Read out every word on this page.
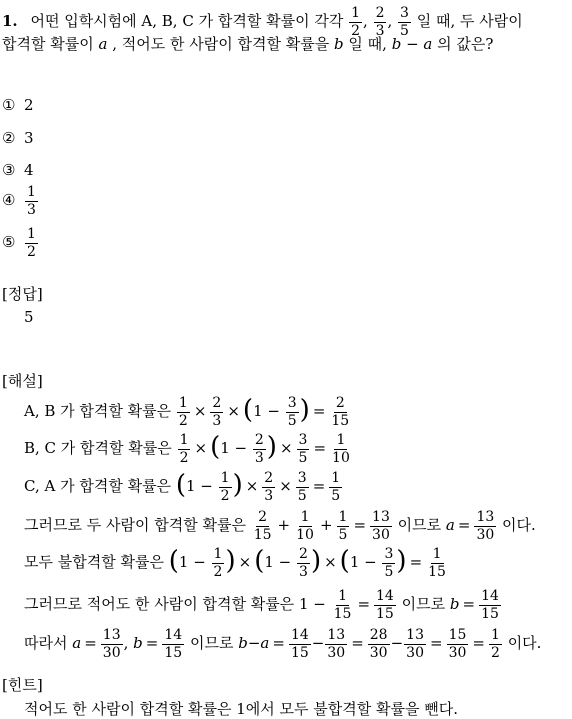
1. 어떤 입학시험에 A, B, C 가 합격할 확률이 각각 $\frac{1}{2}$ , $\frac{2}{3}$ , $\frac{3}{5}$ 일 때, 두 사람이
합격할 확률이 a , 적어도 한 사람이 합격할 확률을 b 일 때, b − a 의 값은?
① 2
② 3
③ 4
④ $\frac{1}{3}$
⑤ $\frac{1}{2}$
[정답]
5
[해설]
A, B 가 합격할 확률은 $\frac{1}{2} \times \frac{2}{3} \times (1 - \frac{3}{5}$ ) = $\frac{2}{15}$
B, C 가 합격할 확률은 $\frac{1}{2} \times (1 - \frac{2}{3}$ ) × $\frac{3}{5} = \frac{1}{10}$
C, A 가 합격할 확률은 ($1 - \frac{1}{2}$ ) × $\frac{2}{3} \times \frac{3}{5} = \frac{1}{5}$
그러므로 두 사람이 합격할 확률은 $\frac{2}{15} + \frac{1}{10} + \frac{1}{5} = \frac{13}{30}$ 이므로 $a = \frac{13}{30}$ 이다.
모두 불합격할 확률은 ($1 - \frac{1}{2}$ ) × ($1 - \frac{2}{3}$ ) × ($1 - \frac{3}{5}$ ) = $\frac{1}{15}$
그러므로 적어도 한 사람이 합격할 확률은 $1 - \frac{1}{15} = \frac{14}{15}$ 이므로 $b = \frac{14}{15}$
따라서 $a = \frac{13}{30}$ , $b = \frac{14}{15}$ 이므로 $b-a = \frac{14}{15} - \frac{13}{30} = \frac{28}{30} - \frac{13}{30} = \frac{15}{30} = \frac{1}{2}$ 이다.
[힌트]
적어도 한 사람이 합격할 확률은 1에서 모두 불합격할 확률을 뺀다.
